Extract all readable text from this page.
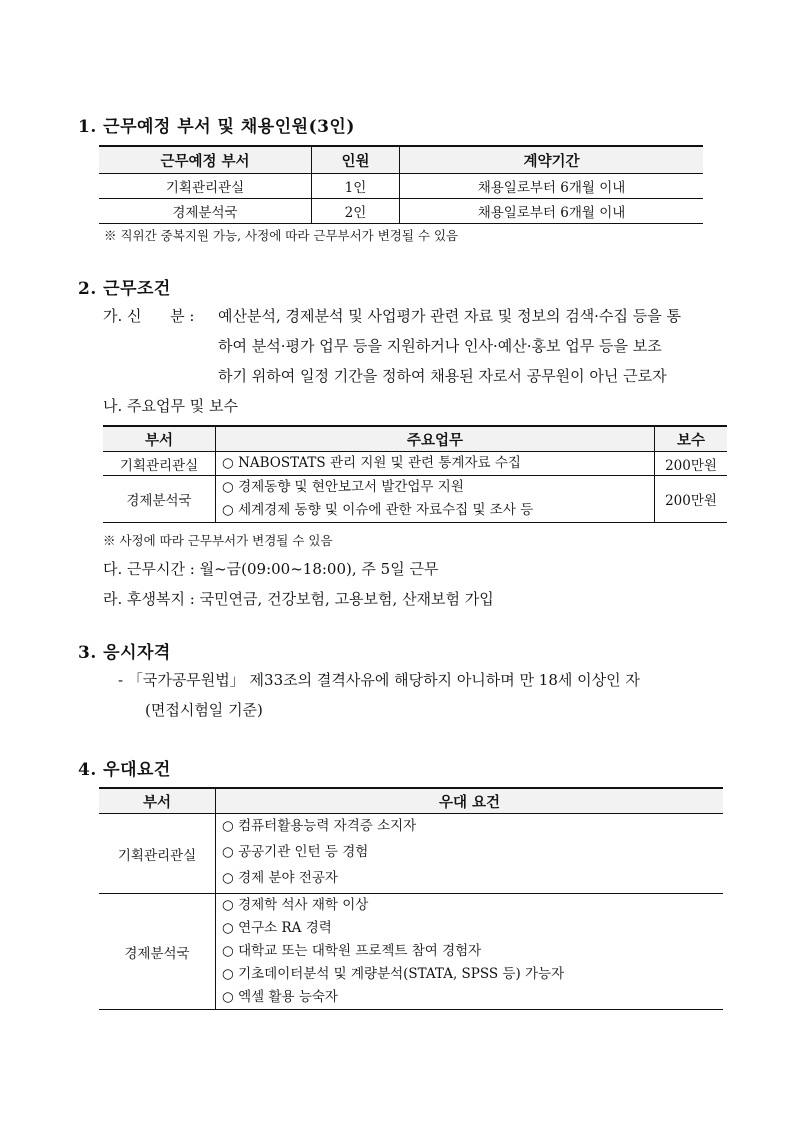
1. 근무예정 부서 및 채용인원(3인)
근무예정 부서	인원	계약기간
기획관리관실	1인	채용일로부터 6개월 이내
경제분석국	2인	채용일로부터 6개월 이내
※ 직위간 중복지원 가능, 사정에 따라 근무부서가 변경될 수 있음
2. 근무조건
가. 신      분 : 예산분석, 경제분석 및 사업평가 관련 자료 및 정보의 검색·수집 등을 통
하여 분석·평가 업무 등을 지원하거나 인사·예산·홍보 업무 등을 보조
하기 위하여 일정 기간을 정하여 채용된 자로서 공무원이 아닌 근로자
나. 주요업무 및 보수
부서	주요업무	보수
기획관리관실	○ NABOSTATS 관리 지원 및 관련 통계자료 수집	200만원
경제분석국	○ 경제동향 및 현안보고서 발간업무 지원
○ 세계경제 동향 및 이슈에 관한 자료수집 및 조사 등	200만원
※ 사정에 따라 근무부서가 변경될 수 있음
다. 근무시간 : 월~금(09:00~18:00), 주 5일 근무
라. 후생복지 : 국민연금, 건강보험, 고용보험, 산재보험 가입
3. 응시자격
- 「국가공무원법」 제33조의 결격사유에 해당하지 아니하며 만 18세 이상인 자
(면접시험일 기준)
4. 우대요건
부서	우대 요건
기획관리관실	○ 컴퓨터활용능력 자격증 소지자
○ 공공기관 인턴 등 경험
○ 경제 분야 전공자

경제분석국	○ 경제학 석사 재학 이상
○ 연구소 RA 경력
○ 대학교 또는 대학원 프로젝트 참여 경험자
○ 기초데이터분석 및 계량분석(STATA, SPSS 등) 가능자
○ 엑셀 활용 능숙자
